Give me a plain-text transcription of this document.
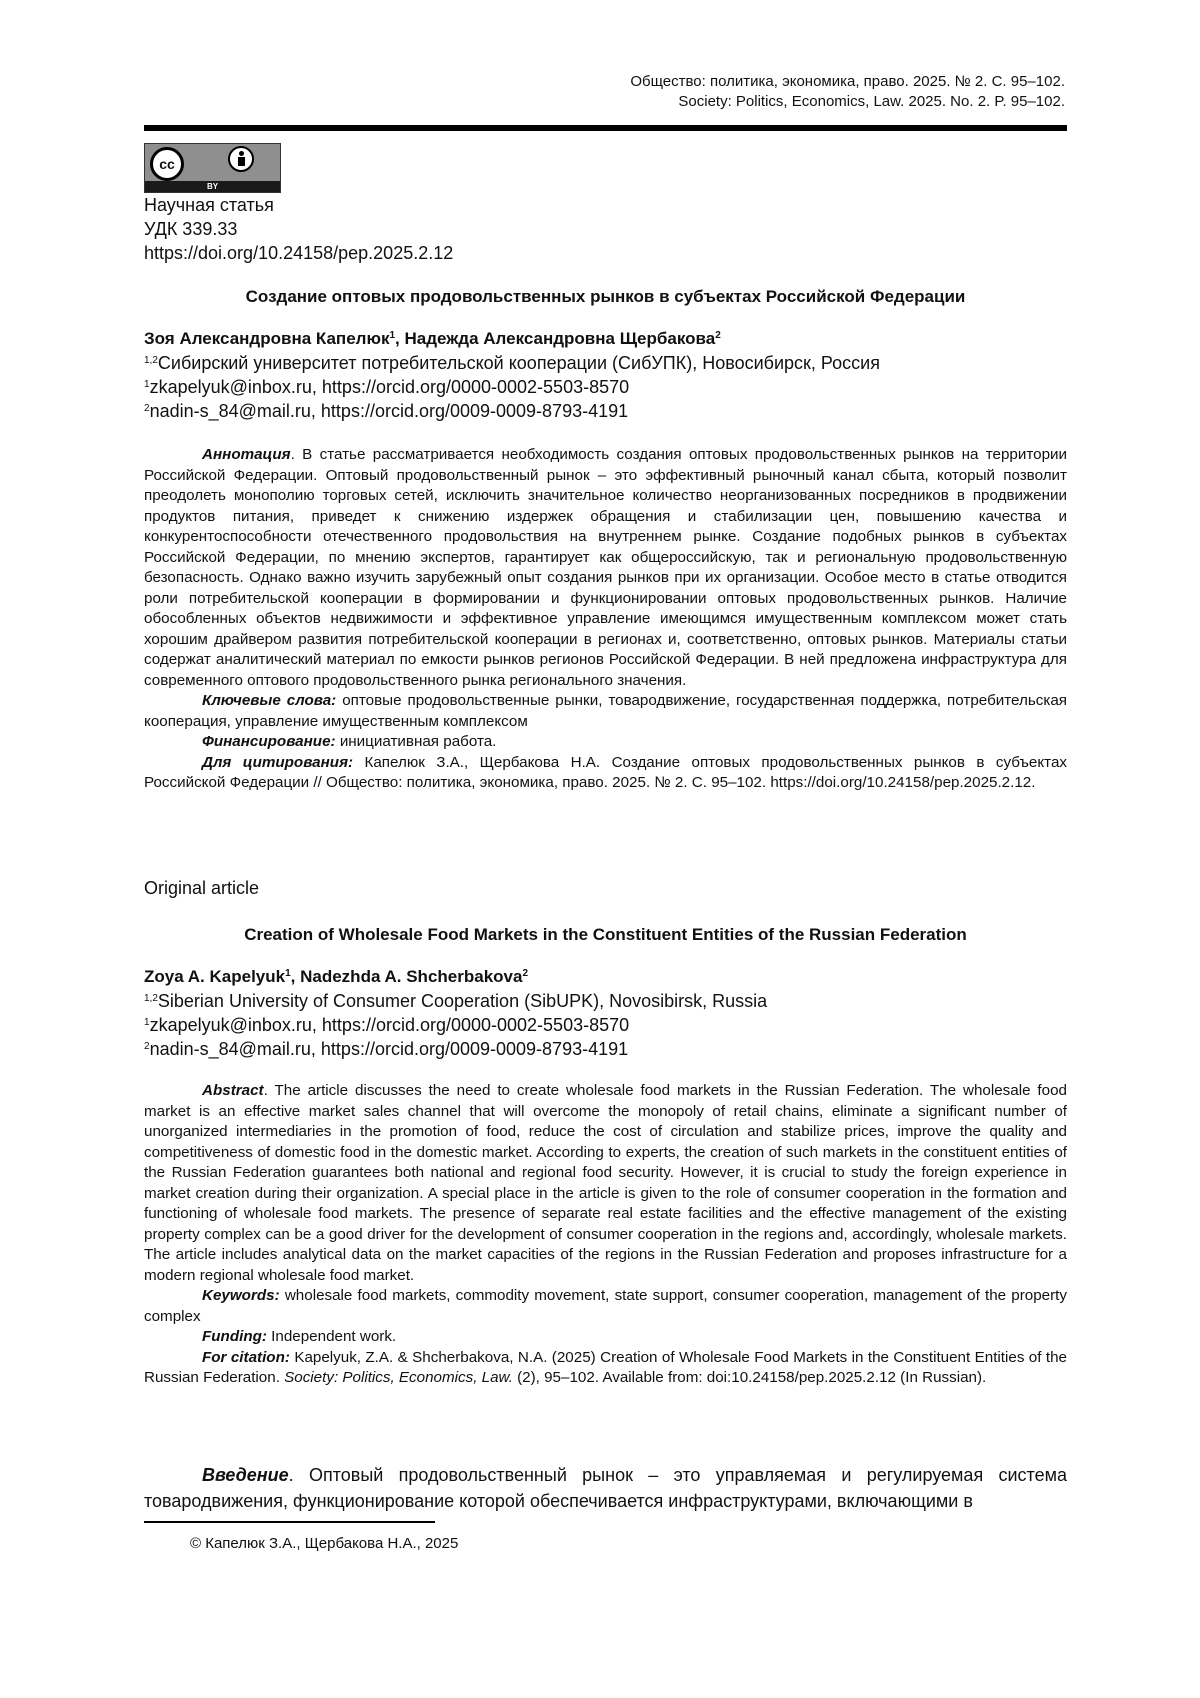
Общество: политика, экономика, право. 2025. № 2. С. 95–102.
Society: Politics, Economics, Law. 2025. No. 2. P. 95–102.
cc
BY
Научная статья
УДК 339.33
https://doi.org/10.24158/pep.2025.2.12
Создание оптовых продовольственных рынков в субъектах Российской Федерации
Зоя Александровна Капелюк$^1$, Надежда Александровна Щербакова$^2$
$^{1,2}$Сибирский университет потребительской кооперации (СибУПК), Новосибирск, Россия
$^1$zkapelyuk@inbox.ru, https://orcid.org/0000-0002-5503-8570
$^2$nadin-s_84@mail.ru, https://orcid.org/0009-0009-8793-4191

Аннотация. В статье рассматривается необходимость создания оптовых продовольственных рынков на территории Российской Федерации. Оптовый продовольственный рынок – это эффективный рыночный канал сбыта, который позволит преодолеть монополию торговых сетей, исключить значительное количество неорганизованных посредников в продвижении продуктов питания, приведет к снижению издержек обращения и стабилизации цен, повышению качества и конкурентоспособности отечественного продовольствия на внутреннем рынке. Создание подобных рынков в субъектах Российской Федерации, по мнению экспертов, гарантирует как общероссийскую, так и региональную продовольственную безопасность. Однако важно изучить зарубежный опыт создания рынков при их организации. Особое место в статье отводится роли потребительской кооперации в формировании и функционировании оптовых продовольственных рынков. Наличие обособленных объектов недвижимости и эффективное управление имеющимся имущественным комплексом может стать хорошим драйвером развития потребительской кооперации в регионах и, соответственно, оптовых рынков. Материалы статьи содержат аналитический материал по емкости рынков регионов Российской Федерации. В ней предложена инфраструктура для современного оптового продовольственного рынка регионального значения.

Ключевые слова: оптовые продовольственные рынки, товародвижение, государственная поддержка, потребительская кооперация, управление имущественным комплексом

Финансирование: инициативная работа.

Для цитирования: Капелюк З.А., Щербакова Н.А. Создание оптовых продовольственных рынков в субъектах Российской Федерации // Общество: политика, экономика, право. 2025. № 2. С. 95–102. https://doi.org/10.24158/pep.2025.2.12.

Original article
Creation of Wholesale Food Markets in the Constituent Entities of the Russian Federation
Zoya A. Kapelyuk$^1$, Nadezhda A. Shcherbakova$^2$
$^{1,2}$Siberian University of Consumer Cooperation (SibUPK), Novosibirsk, Russia
$^1$zkapelyuk@inbox.ru, https://orcid.org/0000-0002-5503-8570
$^2$nadin-s_84@mail.ru, https://orcid.org/0009-0009-8793-4191

Abstract. The article discusses the need to create wholesale food markets in the Russian Federation. The wholesale food market is an effective market sales channel that will overcome the monopoly of retail chains, eliminate a significant number of unorganized intermediaries in the promotion of food, reduce the cost of circulation and stabilize prices, improve the quality and competitiveness of domestic food in the domestic market. According to experts, the creation of such markets in the constituent entities of the Russian Federation guarantees both national and regional food security. However, it is crucial to study the foreign experience in market creation during their organization. A special place in the article is given to the role of consumer cooperation in the formation and functioning of wholesale food markets. The presence of separate real estate facilities and the effective management of the existing property complex can be a good driver for the development of consumer cooperation in the regions and, accordingly, wholesale markets. The article includes analytical data on the market capacities of the regions in the Russian Federation and proposes infrastructure for a modern regional wholesale food market.

Keywords: wholesale food markets, commodity movement, state support, consumer cooperation, management of the property complex

Funding: Independent work.

For citation: Kapelyuk, Z.A. & Shcherbakova, N.A. (2025) Creation of Wholesale Food Markets in the Constituent Entities of the Russian Federation. Society: Politics, Economics, Law. (2), 95–102. Available from: doi:10.24158/pep.2025.2.12 (In Russian).

Введение. Оптовый продовольственный рынок – это управляемая и регулируемая система товародвижения, функционирование которой обеспечивается инфраструктурами, включающими в

© Капелюк З.А., Щербакова Н.А., 2025
